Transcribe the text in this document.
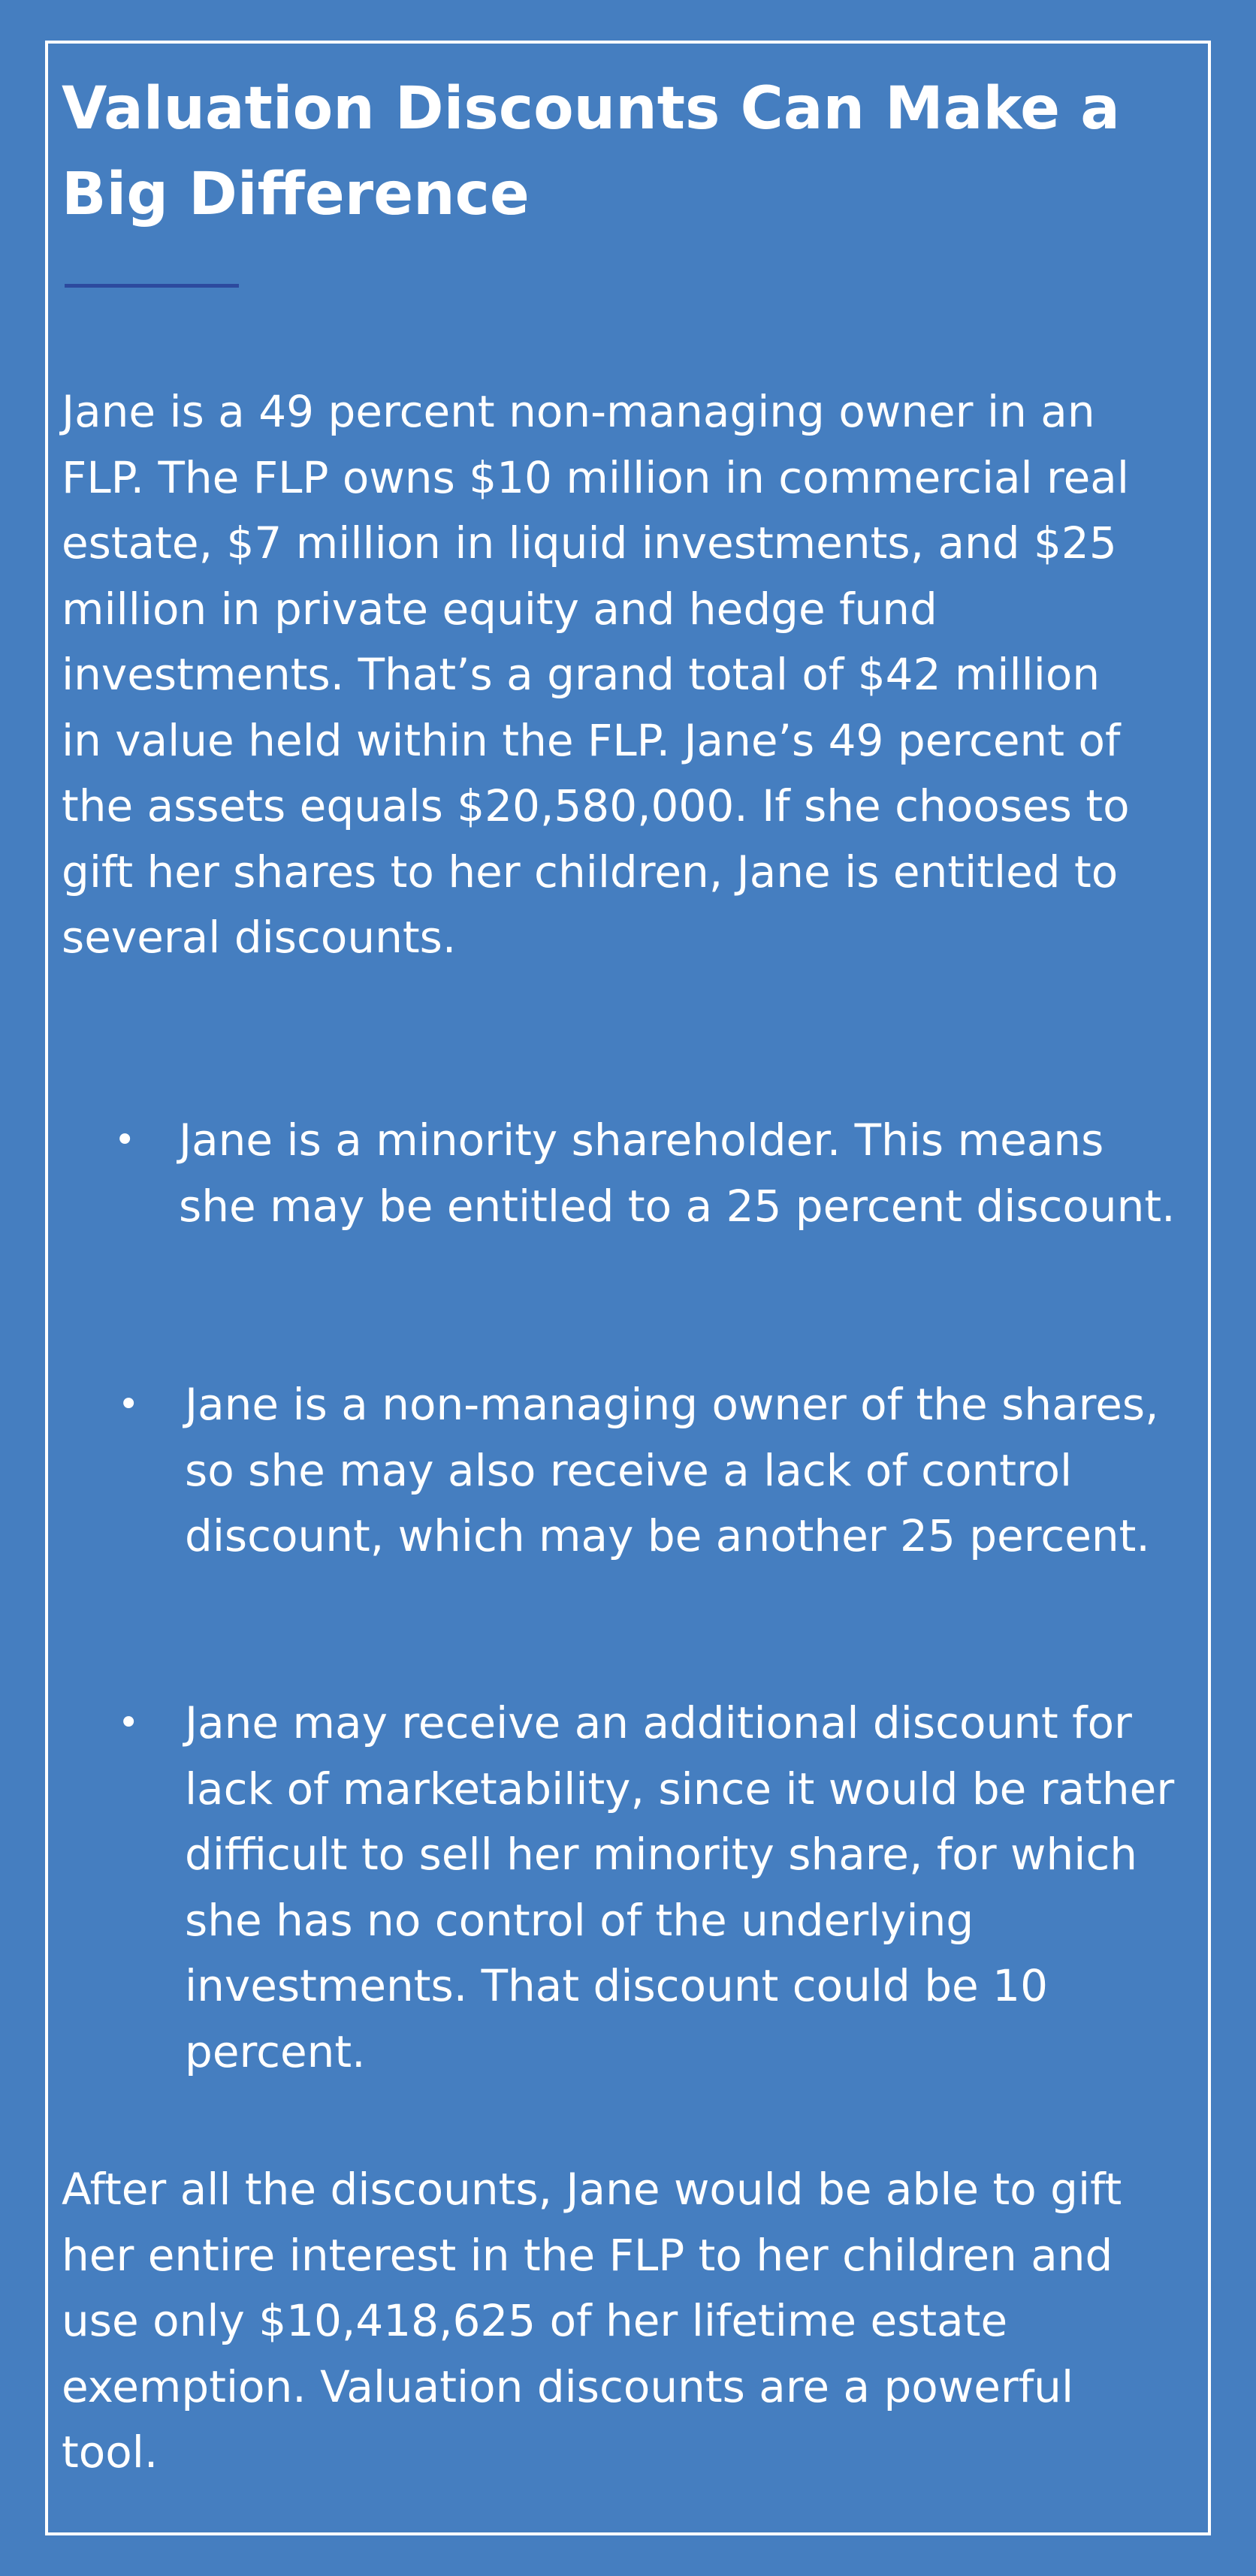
Valuation Discounts Can Make a Big Difference

Jane is a 49 percent non-managing owner in an FLP. The FLP owns $10 million in commercial real estate, $7 million in liquid investments, and $25 million in private equity and hedge fund investments. That’s a grand total of $42 million in value held within the FLP. Jane’s 49 percent of the assets equals $20,580,000. If she chooses to gift her shares to her children, Jane is entitled to several discounts.

• Jane is a minority shareholder. This means she may be entitled to a 25 percent discount.

• Jane is a non-managing owner of the shares, so she may also receive a lack of control discount, which may be another 25 percent.

• Jane may receive an additional discount for lack of marketability, since it would be rather difficult to sell her minority share, for which she has no control of the underlying investments. That discount could be 10 percent.

After all the discounts, Jane would be able to gift her entire interest in the FLP to her children and use only $10,418,625 of her lifetime estate exemption. Valuation discounts are a powerful tool.
